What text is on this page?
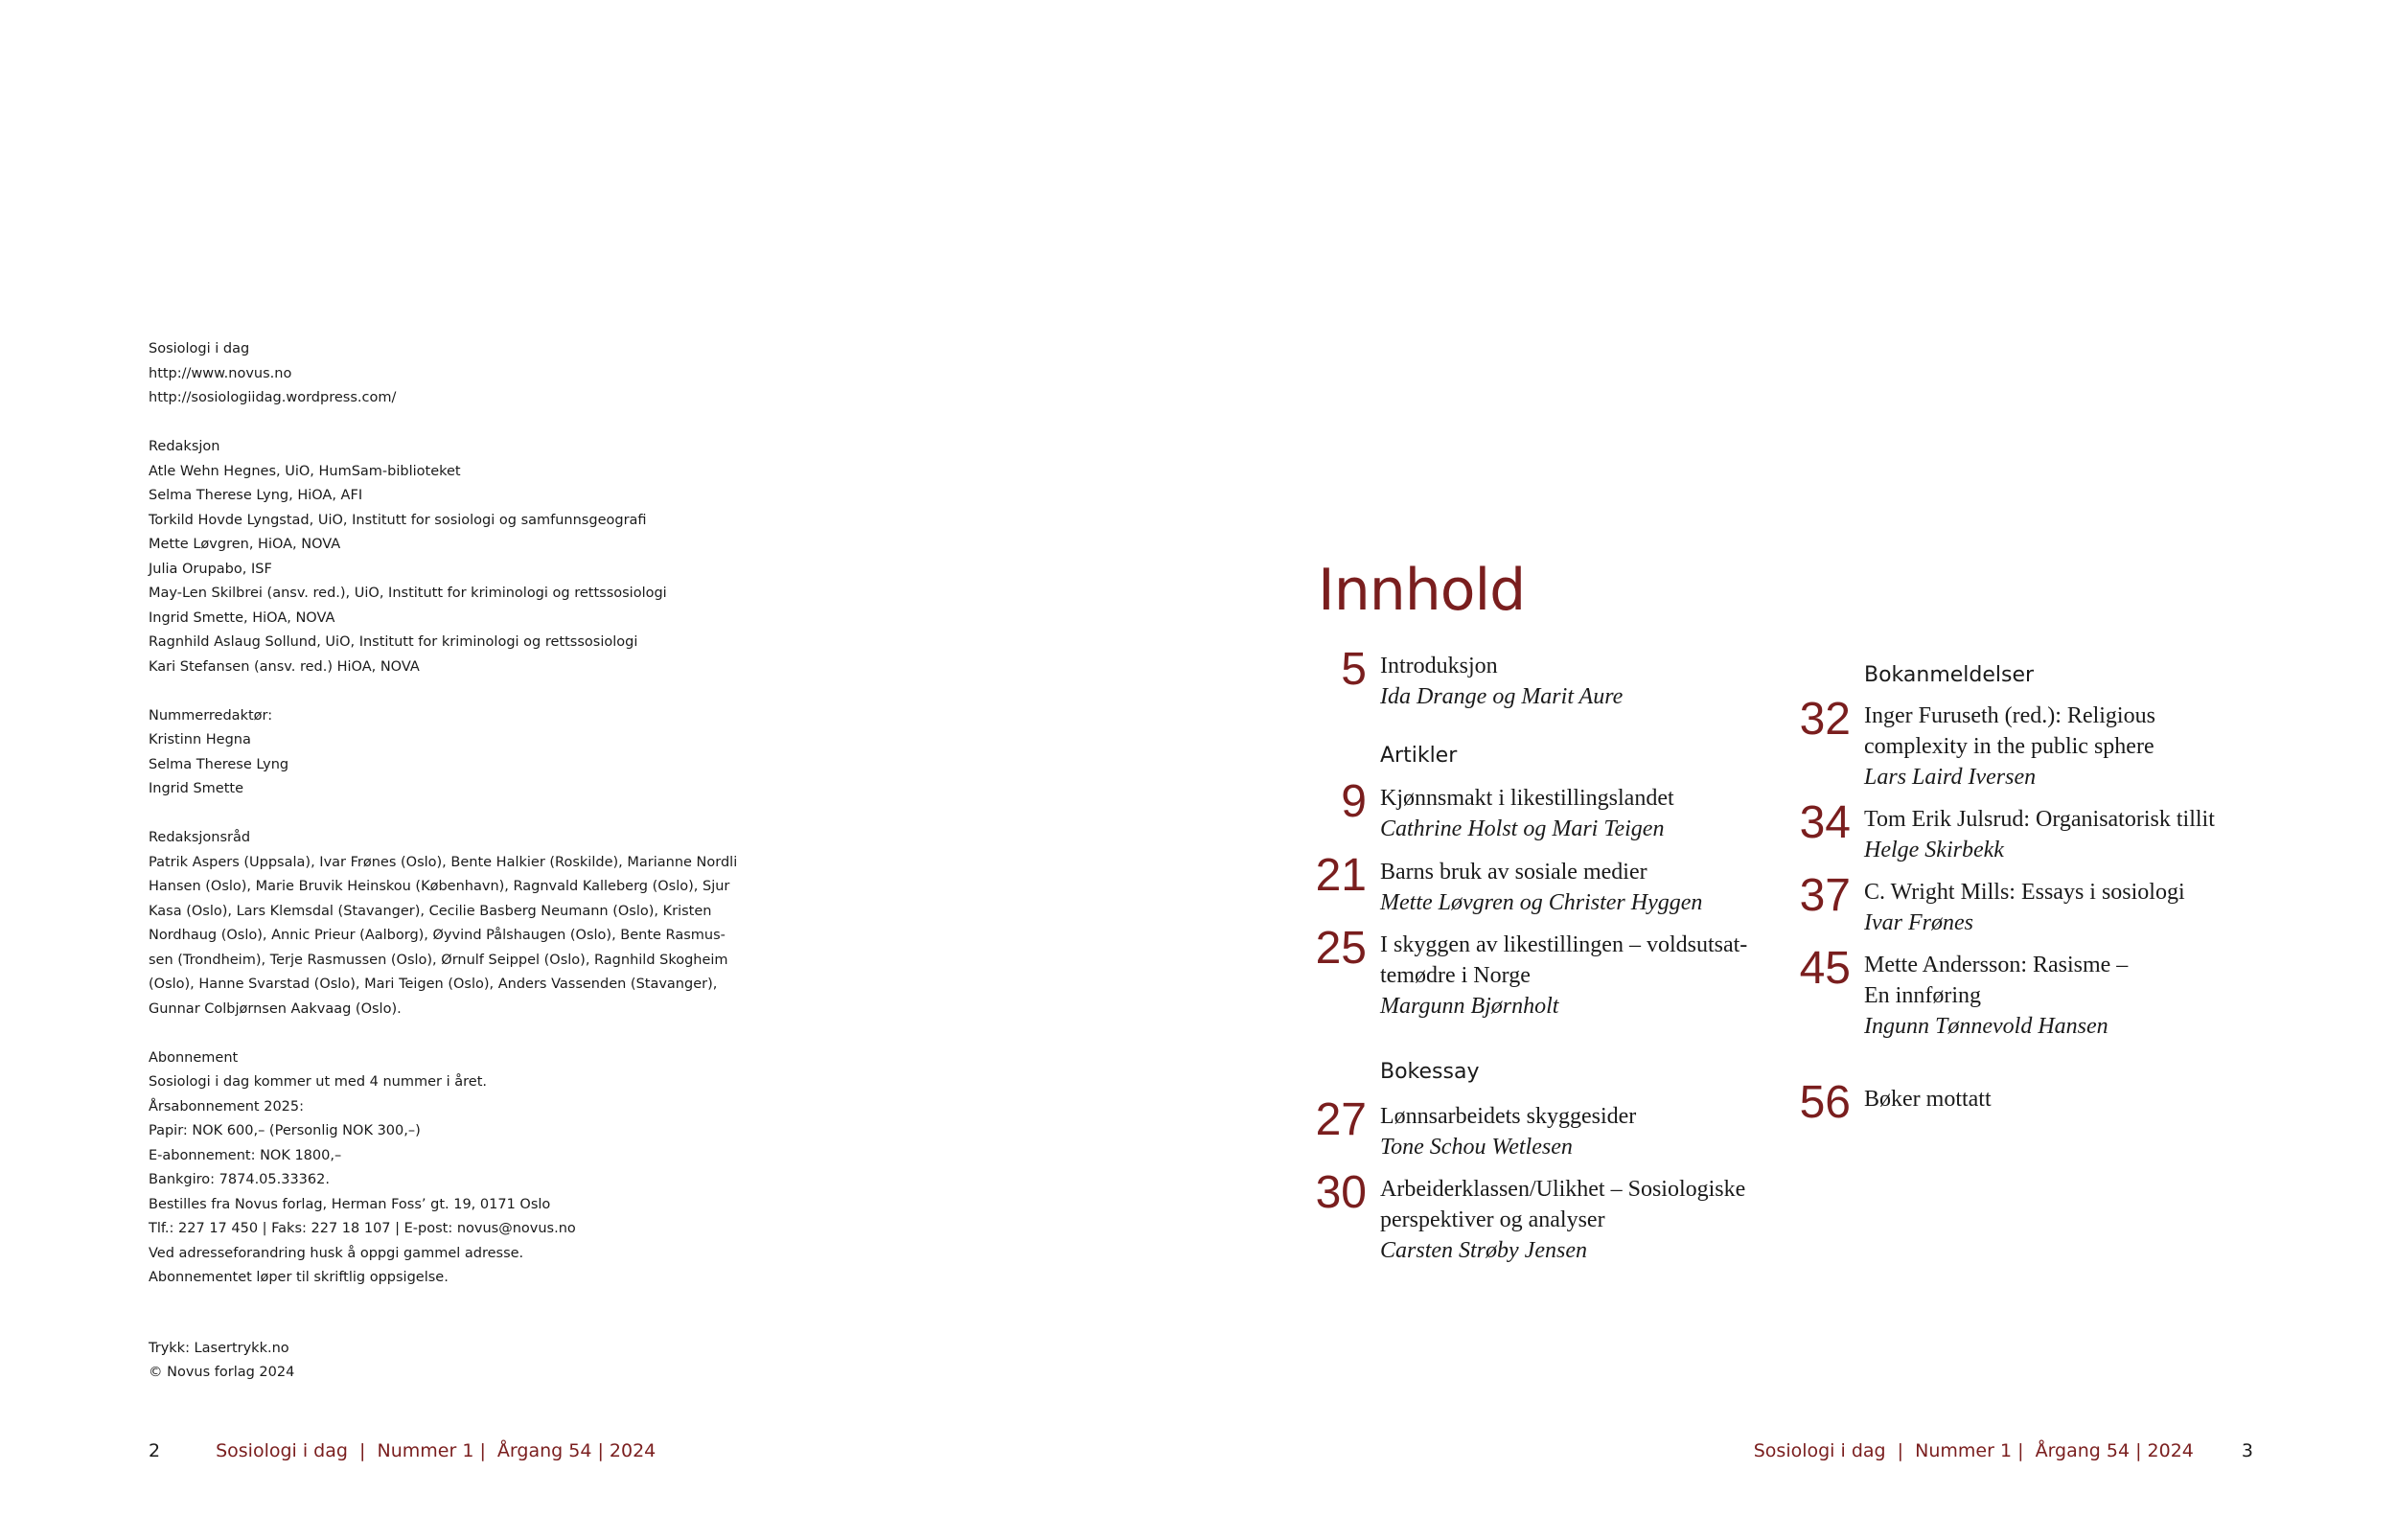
Sosiologi i dag
http://www.novus.no
http://sosiologiidag.wordpress.com/
Redaksjon
Atle Wehn Hegnes, UiO, HumSam-biblioteket
Selma Therese Lyng, HiOA, AFI
Torkild Hovde Lyngstad, UiO, Institutt for sosiologi og samfunnsgeografi
Mette Løvgren, HiOA, NOVA
Julia Orupabo, ISF
May-Len Skilbrei (ansv. red.), UiO, Institutt for kriminologi og rettssosiologi
Ingrid Smette, HiOA, NOVA
Ragnhild Aslaug Sollund, UiO, Institutt for kriminologi og rettssosiologi
Kari Stefansen (ansv. red.) HiOA, NOVA
Nummerredaktør:
Kristinn Hegna
Selma Therese Lyng
Ingrid Smette
Redaksjonsråd
Patrik Aspers (Uppsala), Ivar Frønes (Oslo), Bente Halkier (Roskilde), Marianne Nordli
Hansen (Oslo), Marie Bruvik Heinskou (København), Ragnvald Kalleberg (Oslo), Sjur
Kasa (Oslo), Lars Klemsdal (Stavanger), Cecilie Basberg Neumann (Oslo), Kristen
Nordhaug (Oslo), Annic Prieur (Aalborg), Øyvind Pålshaugen (Oslo), Bente Rasmus-
sen (Trondheim), Terje Rasmussen (Oslo), Ørnulf Seippel (Oslo), Ragnhild Skogheim
(Oslo), Hanne Svarstad (Oslo), Mari Teigen (Oslo), Anders Vassenden (Stavanger),
Gunnar Colbjørnsen Aakvaag (Oslo).
Abonnement
Sosiologi i dag kommer ut med 4 nummer i året.
Årsabonnement 2025:
Papir: NOK 600,– (Personlig NOK 300,–)
E-abonnement: NOK 1800,–
Bankgiro: 7874.05.33362.
Bestilles fra Novus forlag, Herman Foss’ gt. 19, 0171 Oslo
Tlf.: 227 17 450 | Faks: 227 18 107 | E-post: novus@novus.no
Ved adresseforandring husk å oppgi gammel adresse.
Abonnementet løper til skriftlig oppsigelse.
Trykk: Lasertrykk.no
© Novus forlag 2024
2	Sosiologi i dag  |  Nummer 1 |  Årgang 54 | 2024	Sosiologi i dag  |  Nummer 1 |  Årgang 54 | 2024	3
Innhold
5 Introduksjon
Ida Drange og Marit Aure
Artikler
9 Kjønnsmakt i likestillingslandet
Cathrine Holst og Mari Teigen
21 Barns bruk av sosiale medier
Mette Løvgren og Christer Hyggen
25 I skyggen av likestillingen – voldsutsat-
temødre i Norge
Margunn Bjørnholt
Bokessay
27 Lønnsarbeidets skyggesider
Tone Schou Wetlesen
30 Arbeiderklassen/Ulikhet – Sosiologiske
perspektiver og analyser
Carsten Strøby Jensen
Bokanmeldelser
32 Inger Furuseth (red.): Religious
complexity in the public sphere
Lars Laird Iversen
34 Tom Erik Julsrud: Organisatorisk tillit
Helge Skirbekk
37 C. Wright Mills: Essays i sosiologi
Ivar Frønes
45 Mette Andersson: Rasisme –
En innføring
Ingunn Tønnevold Hansen
56 Bøker mottatt
